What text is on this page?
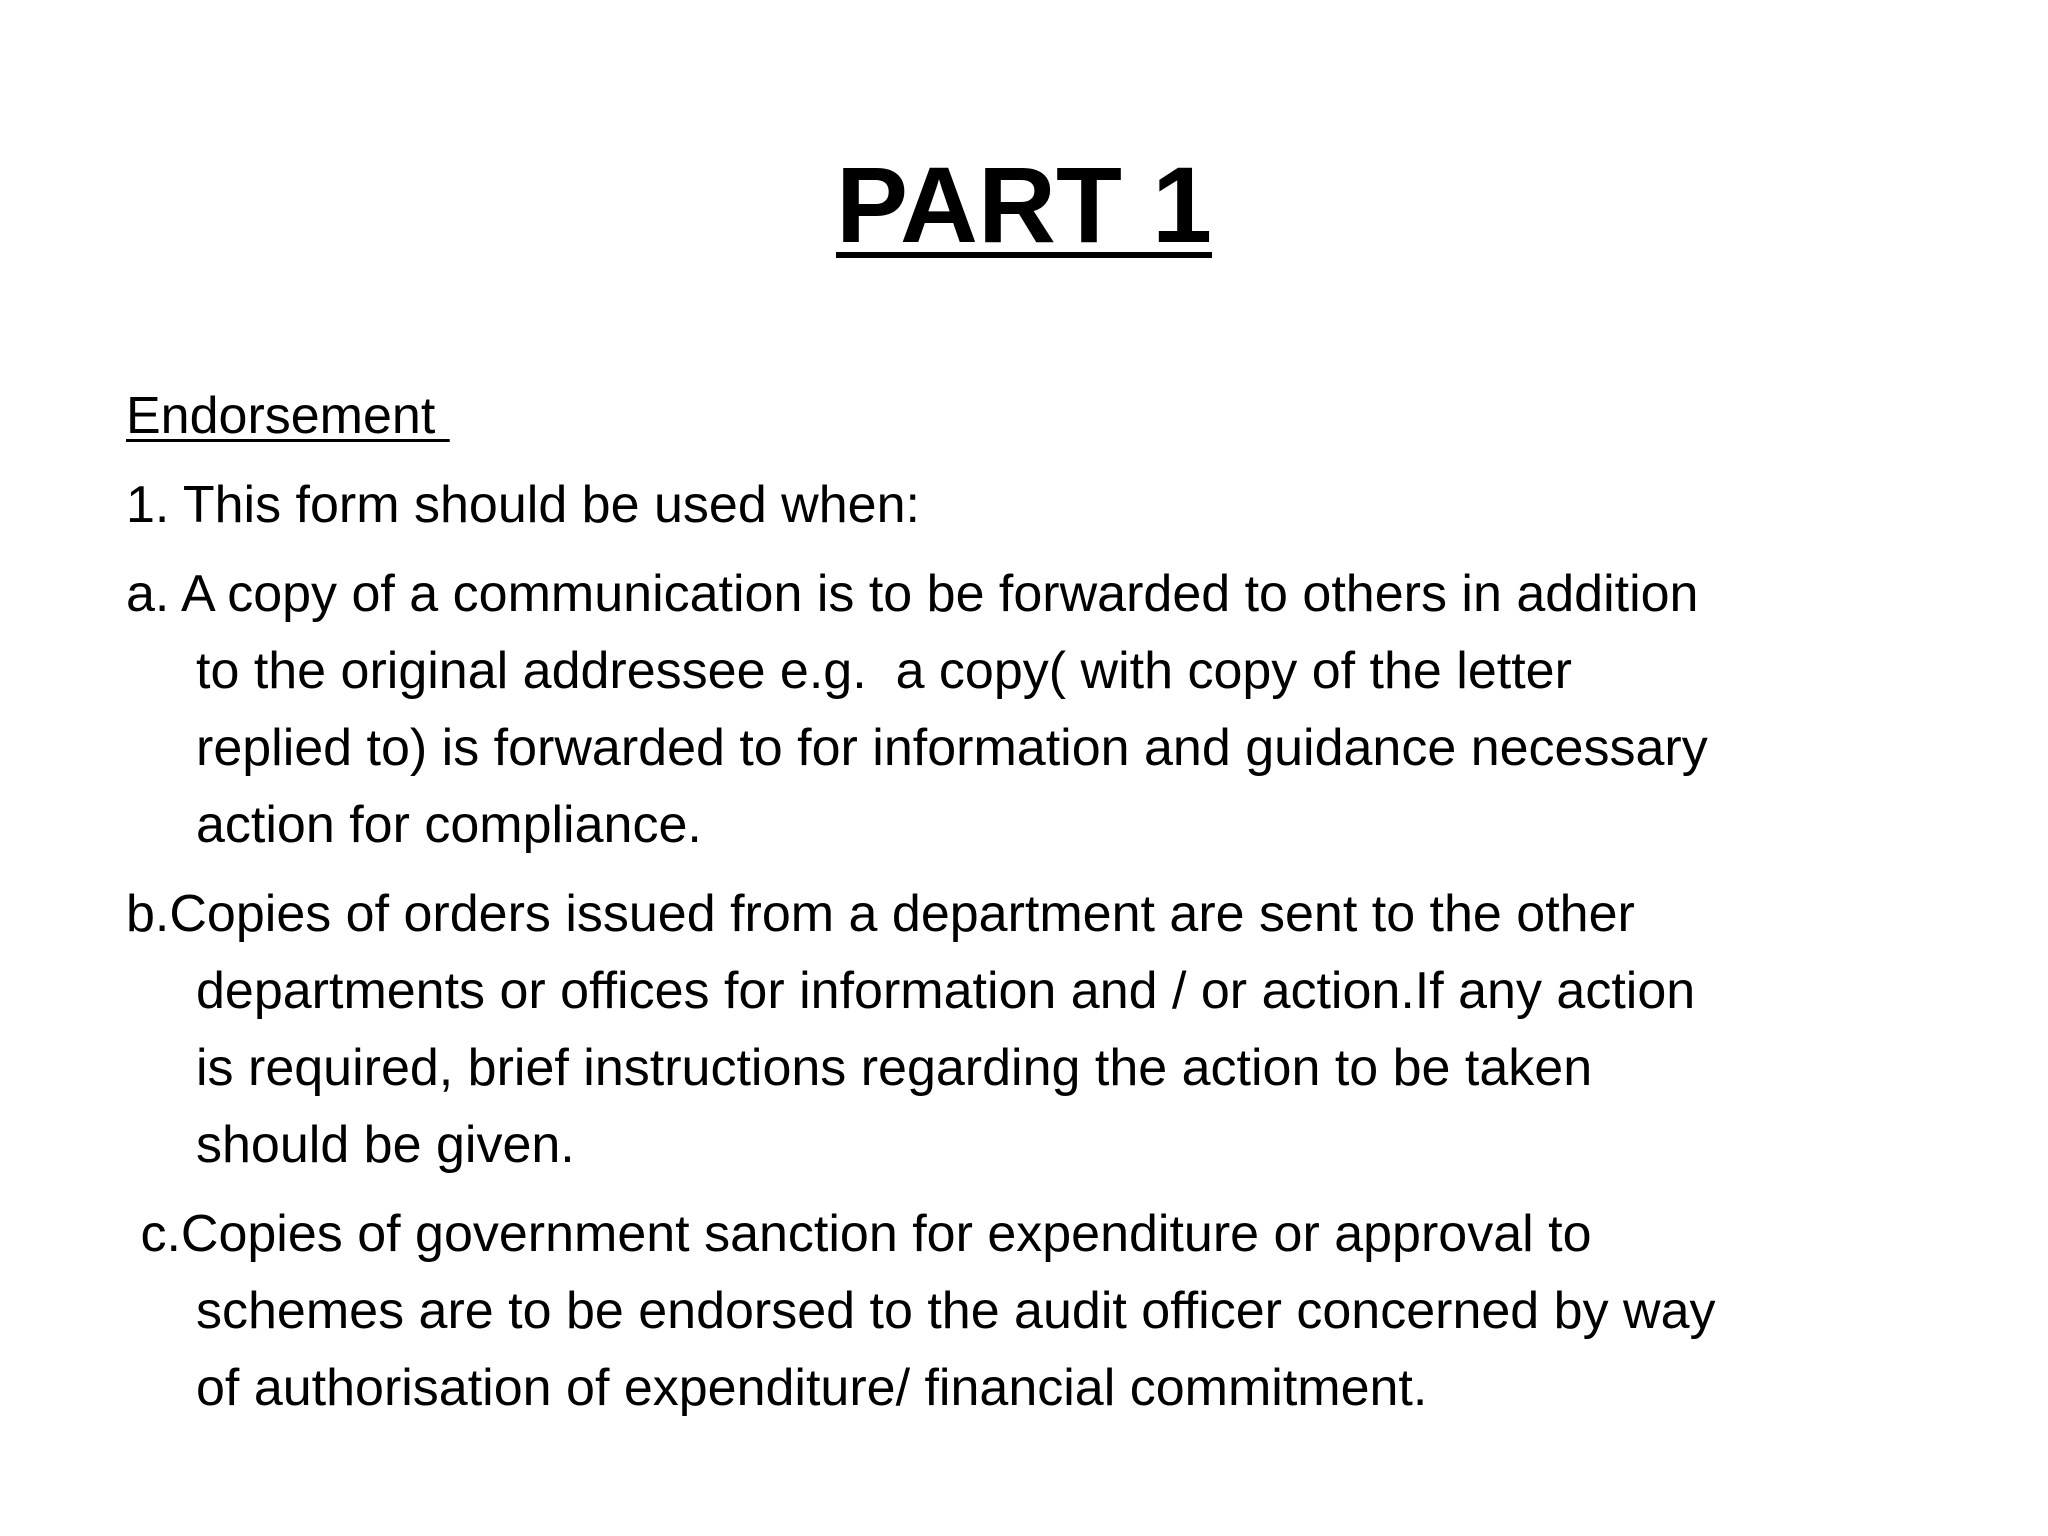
PART 1

Endorsement

1. This form should be used when:

a. A copy of a communication is to be forwarded to others in addition
to the original addressee e.g.  a copy( with copy of the letter
replied to) is forwarded to for information and guidance necessary
action for compliance.
b.Copies of orders issued from a department are sent to the other
departments or offices for information and / or action.If any action
is required, brief instructions regarding the action to be taken
should be given.
c.Copies of government sanction for expenditure or approval to
schemes are to be endorsed to the audit officer concerned by way
of authorisation of expenditure/ financial commitment.
